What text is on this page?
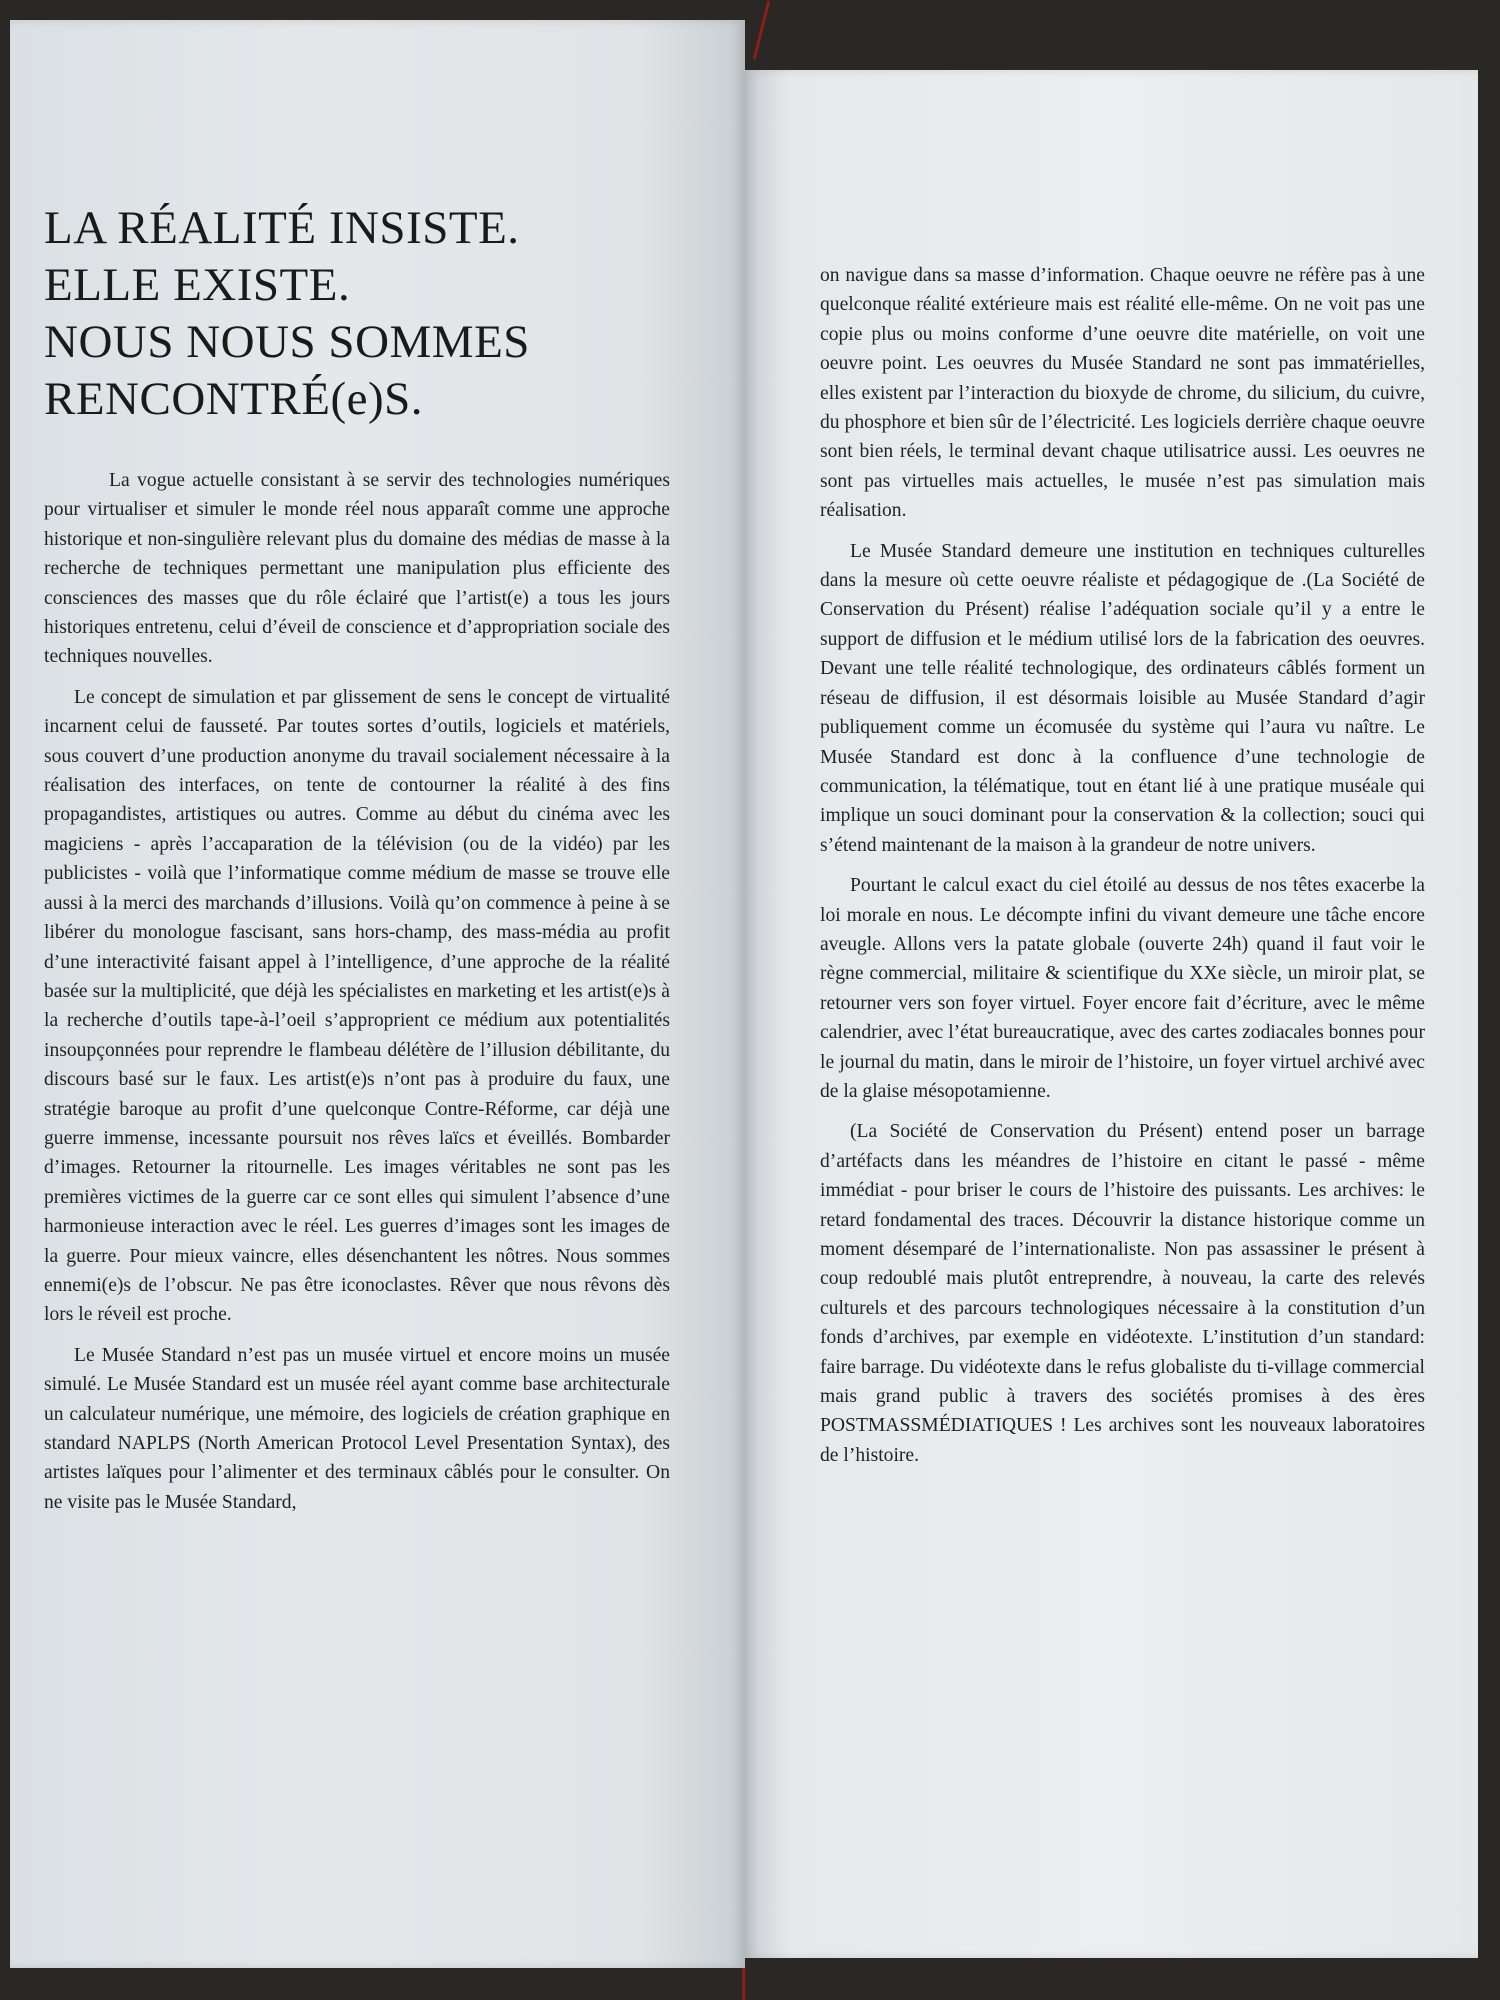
LA RÉALITÉ INSISTE.
ELLE EXISTE.
NOUS NOUS SOMMES
RENCONTRÉ(e)S.

La vogue actuelle consistant à se servir des technologies numériques pour virtualiser et simuler le monde réel nous apparaît comme une approche historique et non-singulière relevant plus du domaine des médias de masse à la recherche de techniques permettant une manipulation plus efficiente des consciences des masses que du rôle éclairé que l’artist(e) a tous les jours historiques entretenu, celui d’éveil de conscience et d’appropriation sociale des techniques nouvelles.

Le concept de simulation et par glissement de sens le concept de virtualité incarnent celui de fausseté. Par toutes sortes d’outils, logiciels et matériels, sous couvert d’une production anonyme du travail socialement nécessaire à la réalisation des interfaces, on tente de contourner la réalité à des fins propagandistes, artistiques ou autres. Comme au début du cinéma avec les magiciens - après l’accaparation de la télévision (ou de la vidéo) par les publicistes - voilà que l’informatique comme médium de masse se trouve elle aussi à la merci des marchands d’illusions. Voilà qu’on commence à peine à se libérer du monologue fascisant, sans hors-champ, des mass-média au profit d’une interactivité faisant appel à l’intelligence, d’une approche de la réalité basée sur la multiplicité, que déjà les spécialistes en marketing et les artist(e)s à la recherche d’outils tape-à-l’oeil s’approprient ce médium aux potentialités insoupçonnées pour reprendre le flambeau délétère de l’illusion débilitante, du discours basé sur le faux. Les artist(e)s n’ont pas à produire du faux, une stratégie baroque au profit d’une quelconque Contre-Réforme, car déjà une guerre immense, incessante poursuit nos rêves laïcs et éveillés. Bombarder d’images. Retourner la ritournelle. Les images véritables ne sont pas les premières victimes de la guerre car ce sont elles qui simulent l’absence d’une harmonieuse interaction avec le réel. Les guerres d’images sont les images de la guerre. Pour mieux vaincre, elles désenchantent les nôtres. Nous sommes ennemi(e)s de l’obscur. Ne pas être iconoclastes. Rêver que nous rêvons dès lors le réveil est proche.

Le Musée Standard n’est pas un musée virtuel et encore moins un musée simulé. Le Musée Standard est un musée réel ayant comme base architecturale un calculateur numérique, une mémoire, des logiciels de création graphique en standard NAPLPS (North American Protocol Level Presentation Syntax), des artistes laïques pour l’alimenter et des terminaux câblés pour le consulter. On ne visite pas le Musée Standard,

on navigue dans sa masse d’information. Chaque oeuvre ne réfère pas à une quelconque réalité extérieure mais est réalité elle-même. On ne voit pas une copie plus ou moins conforme d’une oeuvre dite matérielle, on voit une oeuvre point. Les oeuvres du Musée Standard ne sont pas immatérielles, elles existent par l’interaction du bioxyde de chrome, du silicium, du cuivre, du phosphore et bien sûr de l’électricité. Les logiciels derrière chaque oeuvre sont bien réels, le terminal devant chaque utilisatrice aussi. Les oeuvres ne sont pas virtuelles mais actuelles, le musée n’est pas simulation mais réalisation.

Le Musée Standard demeure une institution en techniques culturelles dans la mesure où cette oeuvre réaliste et pédagogique de .(La Société de Conservation du Présent) réalise l’adéquation sociale qu’il y a entre le support de diffusion et le médium utilisé lors de la fabrication des oeuvres. Devant une telle réalité technologique, des ordinateurs câblés forment un réseau de diffusion, il est désormais loisible au Musée Standard d’agir publiquement comme un écomusée du système qui l’aura vu naître. Le Musée Standard est donc à la confluence d’une technologie de communication, la télématique, tout en étant lié à une pratique muséale qui implique un souci dominant pour la conservation & la collection; souci qui s’étend maintenant de la maison à la grandeur de notre univers.

Pourtant le calcul exact du ciel étoilé au dessus de nos têtes exacerbe la loi morale en nous. Le décompte infini du vivant demeure une tâche encore aveugle. Allons vers la patate globale (ouverte 24h) quand il faut voir le règne commercial, militaire & scientifique du XXe siècle, un miroir plat, se retourner vers son foyer virtuel. Foyer encore fait d’écriture, avec le même calendrier, avec l’état bureaucratique, avec des cartes zodiacales bonnes pour le journal du matin, dans le miroir de l’histoire, un foyer virtuel archivé avec de la glaise mésopotamienne.

(La Société de Conservation du Présent) entend poser un barrage d’artéfacts dans les méandres de l’histoire en citant le passé - même immédiat - pour briser le cours de l’histoire des puissants. Les archives: le retard fondamental des traces. Découvrir la distance historique comme un moment désemparé de l’internationaliste. Non pas assassiner le présent à coup redoublé mais plutôt entreprendre, à nouveau, la carte des relevés culturels et des parcours technologiques nécessaire à la constitution d’un fonds d’archives, par exemple en vidéotexte. L’institution d’un standard: faire barrage. Du vidéotexte dans le refus globaliste du ti-village commercial mais grand public à travers des sociétés promises à des ères POSTMASSMÉDIATIQUES ! Les archives sont les nouveaux laboratoires de l’histoire.
